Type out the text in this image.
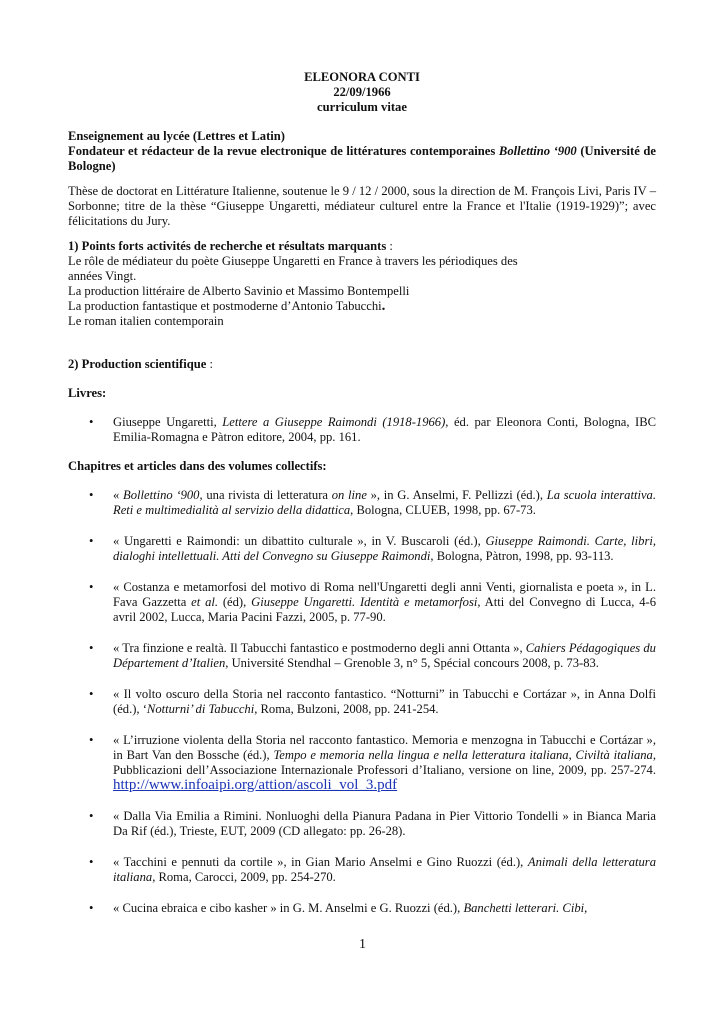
ELEONORA CONTI
22/09/1966
curriculum vitae
Enseignement au lycée (Lettres et Latin)
Fondateur et rédacteur de la revue electronique de littératures contemporaines Bollettino ‘900 (Université de Bologne)
Thèse de doctorat en Littérature Italienne, soutenue le 9 / 12 / 2000, sous la direction de M. François Livi, Paris IV – Sorbonne; titre de la thèse “Giuseppe Ungaretti, médiateur culturel entre la France et l'Italie (1919-1929)”; avec félicitations du Jury.
1) Points forts activités de recherche et résultats marquants :
Le rôle de médiateur du poète Giuseppe Ungaretti en France à travers les périodiques des années Vingt.
La production littéraire de Alberto Savinio et Massimo Bontempelli
La production fantastique et postmoderne d’Antonio Tabucchi.
Le roman italien contemporain
2) Production scientifique :
Livres:
• Giuseppe Ungaretti, Lettere a Giuseppe Raimondi (1918-1966), éd. par Eleonora Conti, Bologna, IBC Emilia-Romagna e Pàtron editore, 2004, pp. 161.
Chapitres et articles dans des volumes collectifs:
• « Bollettino ‘900, una rivista di letteratura on line », in G. Anselmi, F. Pellizzi (éd.), La scuola interattiva. Reti e multimedialità al servizio della didattica, Bologna, CLUEB, 1998, pp. 67-73.
• « Ungaretti e Raimondi: un dibattito culturale », in V. Buscaroli (éd.), Giuseppe Raimondi. Carte, libri, dialoghi intellettuali. Atti del Convegno su Giuseppe Raimondi, Bologna, Pàtron, 1998, pp. 93-113.
• « Costanza e metamorfosi del motivo di Roma nell'Ungaretti degli anni Venti, giornalista e poeta », in L. Fava Gazzetta et al. (éd), Giuseppe Ungaretti. Identità e metamorfosi, Atti del Convegno di Lucca, 4-6 avril 2002, Lucca, Maria Pacini Fazzi, 2005, p. 77-90.
• « Tra finzione e realtà. Il Tabucchi fantastico e postmoderno degli anni Ottanta », Cahiers Pédagogiques du Département d’Italien, Université Stendhal – Grenoble 3, n° 5, Spécial concours 2008, p. 73-83.
• « Il volto oscuro della Storia nel racconto fantastico. “Notturni” in Tabucchi e Cortázar », in Anna Dolfi (éd.), ‘Notturni’ di Tabucchi, Roma, Bulzoni, 2008, pp. 241-254.
• « L’irruzione violenta della Storia nel racconto fantastico. Memoria e menzogna in Tabucchi e Cortázar », in Bart Van den Bossche (éd.), Tempo e memoria nella lingua e nella letteratura italiana, Civiltà italiana, Pubblicazioni dell’Associazione Internazionale Professori d’Italiano, versione on line, 2009, pp. 257-274. http://www.infoaipi.org/attion/ascoli_vol_3.pdf
• « Dalla Via Emilia a Rimini. Nonluoghi della Pianura Padana in Pier Vittorio Tondelli » in Bianca Maria Da Rif (éd.), Trieste, EUT, 2009 (CD allegato: pp. 26-28).
• « Tacchini e pennuti da cortile », in Gian Mario Anselmi e Gino Ruozzi (éd.), Animali della letteratura italiana, Roma, Carocci, 2009, pp. 254-270.
• « Cucina ebraica e cibo kasher » in G. M. Anselmi e G. Ruozzi (éd.), Banchetti letterari. Cibi,
1
